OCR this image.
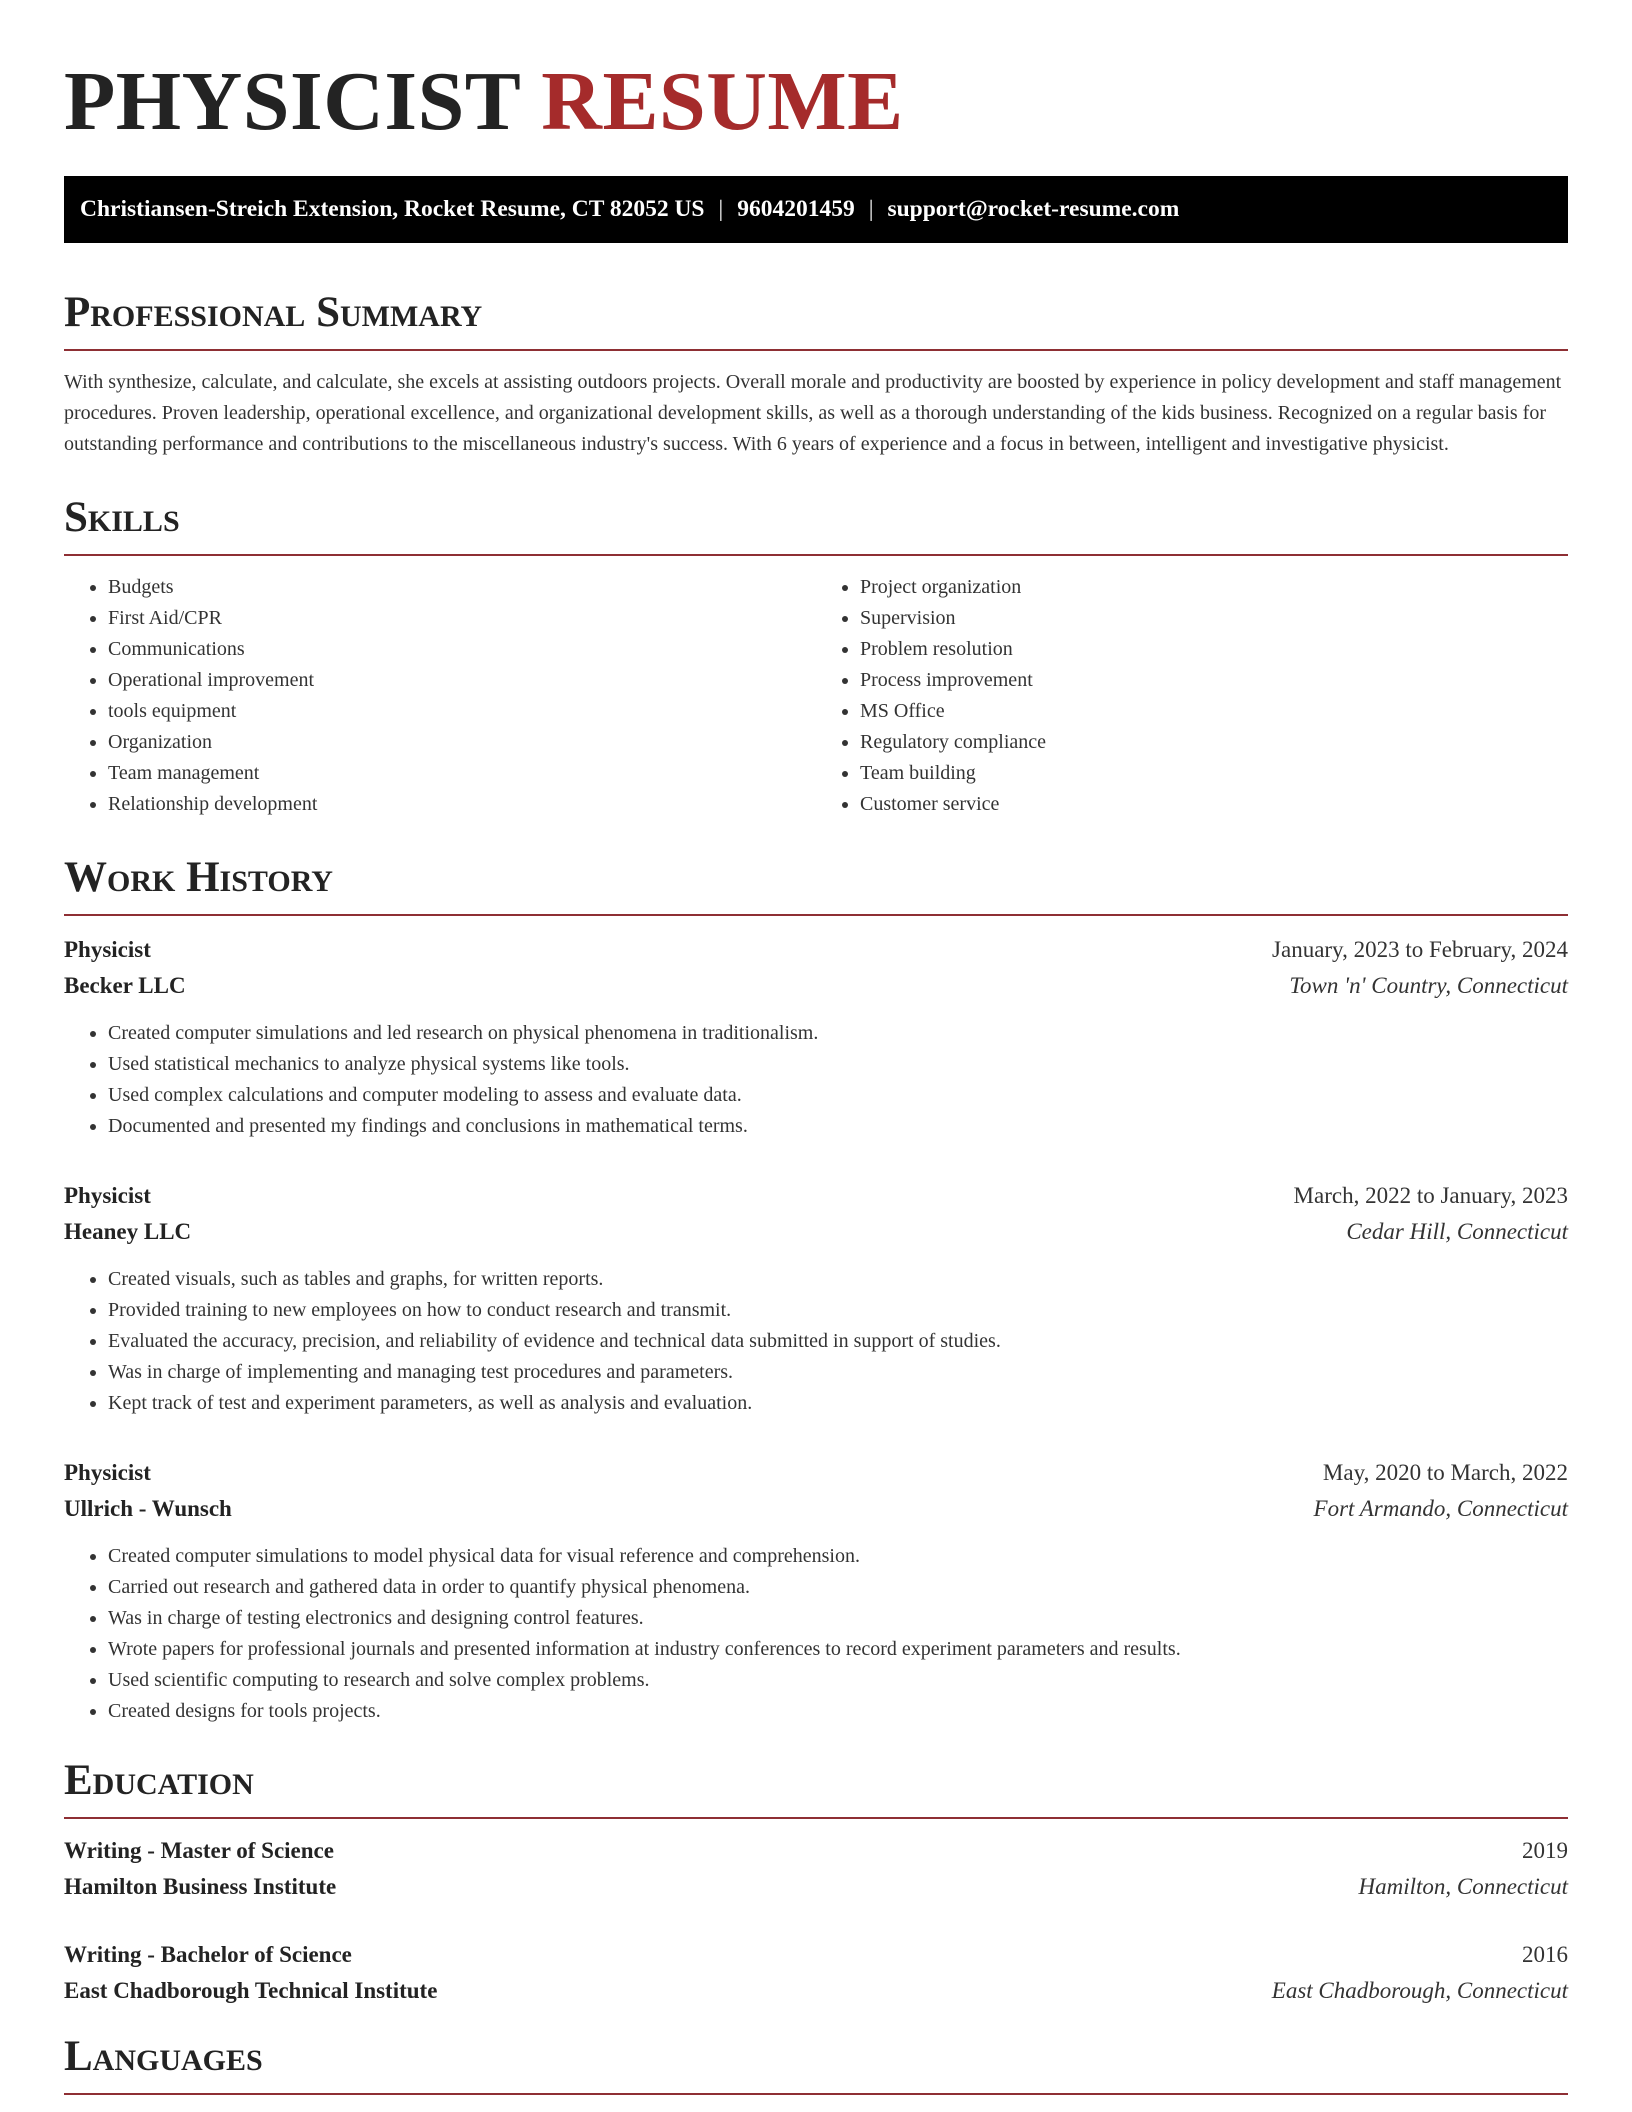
PHYSICIST RESUME
Christiansen-Streich Extension, Rocket Resume, CT 82052 US | 9604201459 | support@rocket-resume.com
Professional Summary

With synthesize, calculate, and calculate, she excels at assisting outdoors projects. Overall morale and productivity are boosted by experience in policy development and staff management procedures. Proven leadership, operational excellence, and organizational development skills, as well as a thorough understanding of the kids business. Recognized on a regular basis for outstanding performance and contributions to the miscellaneous industry's success. With 6 years of experience and a focus in between, intelligent and investigative physicist.

Skills
• Budgets
• First Aid/CPR
• Communications
• Operational improvement
• tools equipment
• Organization
• Team management
• Relationship development
• Project organization
• Supervision
• Problem resolution
• Process improvement
• MS Office
• Regulatory compliance
• Team building
• Customer service
Work History
Physicist	January, 2023 to February, 2024
Becker LLC	Town 'n' Country, Connecticut
• Created computer simulations and led research on physical phenomena in traditionalism.
• Used statistical mechanics to analyze physical systems like tools.
• Used complex calculations and computer modeling to assess and evaluate data.
• Documented and presented my findings and conclusions in mathematical terms.
Physicist	March, 2022 to January, 2023
Heaney LLC	Cedar Hill, Connecticut
• Created visuals, such as tables and graphs, for written reports.
• Provided training to new employees on how to conduct research and transmit.
• Evaluated the accuracy, precision, and reliability of evidence and technical data submitted in support of studies.
• Was in charge of implementing and managing test procedures and parameters.
• Kept track of test and experiment parameters, as well as analysis and evaluation.
Physicist	May, 2020 to March, 2022
Ullrich - Wunsch	Fort Armando, Connecticut
• Created computer simulations to model physical data for visual reference and comprehension.
• Carried out research and gathered data in order to quantify physical phenomena.
• Was in charge of testing electronics and designing control features.
• Wrote papers for professional journals and presented information at industry conferences to record experiment parameters and results.
• Used scientific computing to research and solve complex problems.
• Created designs for tools projects.
Education
Writing - Master of Science	2019
Hamilton Business Institute	Hamilton, Connecticut
Writing - Bachelor of Science	2016
East Chadborough Technical Institute	East Chadborough, Connecticut
Languages
